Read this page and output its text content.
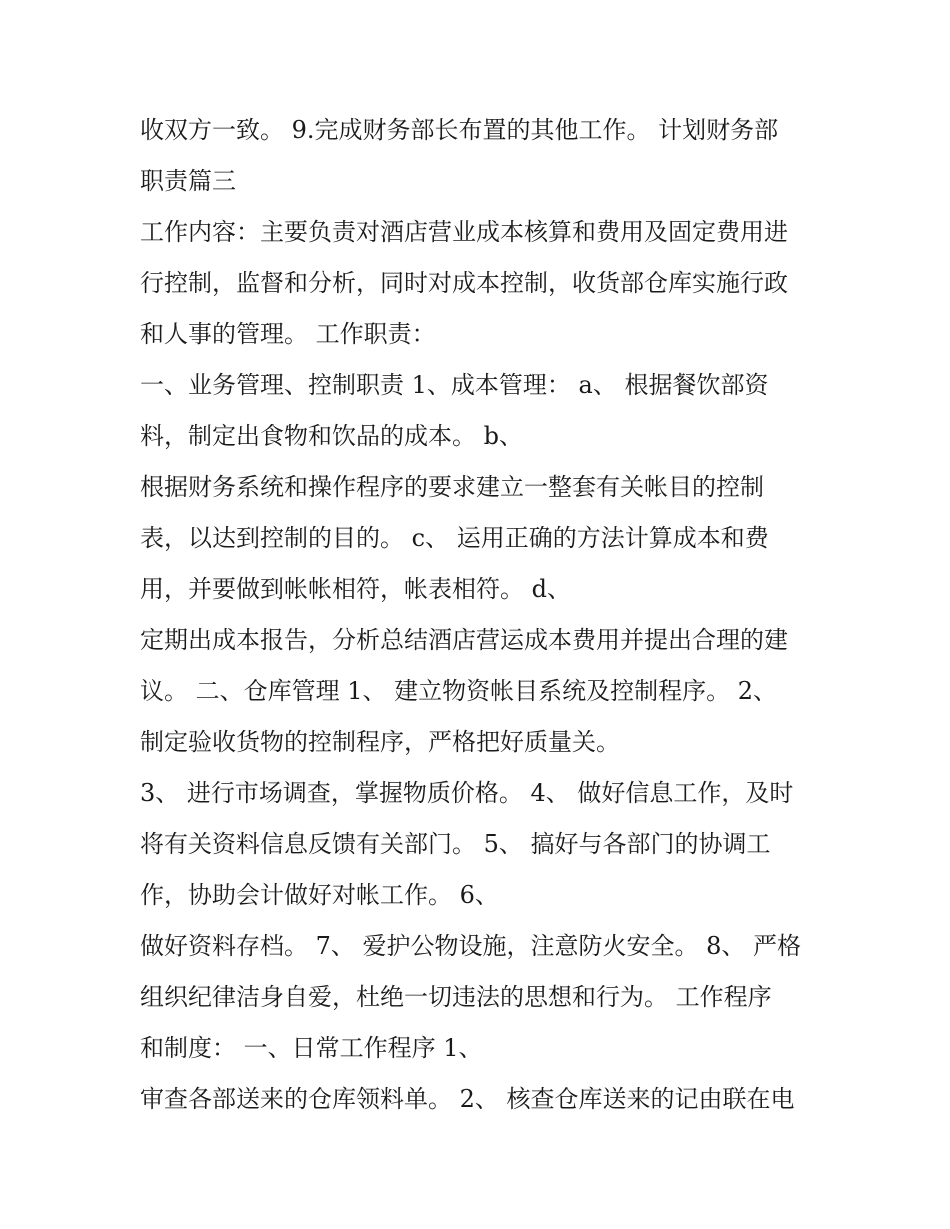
收双方一致。 9.完成财务部长布置的其他工作。 计划财务部

职责篇三

工作内容：主要负责对酒店营业成本核算和费用及固定费用进

行控制，监督和分析，同时对成本控制，收货部仓库实施行政

和人事的管理。 工作职责：

一、业务管理、控制职责 1、成本管理： a、 根据餐饮部资

料，制定出食物和饮品的成本。 b、

根据财务系统和操作程序的要求建立一整套有关帐目的控制

表，以达到控制的目的。 c、 运用正确的方法计算成本和费

用，并要做到帐帐相符，帐表相符。 d、

定期出成本报告，分析总结酒店营运成本费用并提出合理的建

议。 二、仓库管理 1、 建立物资帐目系统及控制程序。 2、

制定验收货物的控制程序，严格把好质量关。

3、 进行市场调查，掌握物质价格。 4、 做好信息工作，及时

将有关资料信息反馈有关部门。 5、 搞好与各部门的协调工

作，协助会计做好对帐工作。 6、

做好资料存档。 7、 爱护公物设施，注意防火安全。 8、 严格

组织纪律洁身自爱，杜绝一切违法的思想和行为。 工作程序

和制度： 一、日常工作程序 1、

审查各部送来的仓库领料单。 2、 核查仓库送来的记由联在电
